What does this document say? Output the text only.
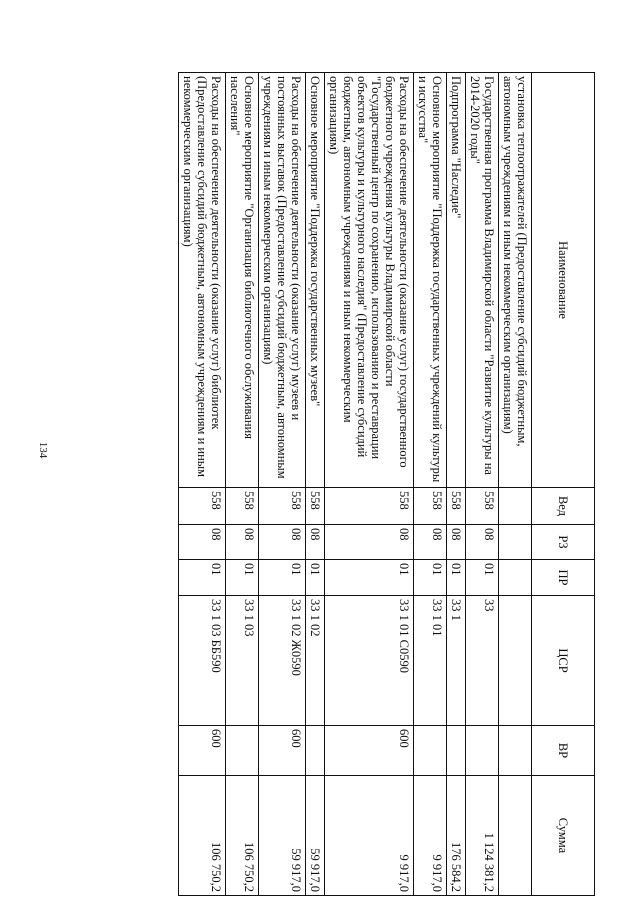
134
Наименование	Вед	РЗ	ПР	ЦСР	ВР	Сумма
установка теплоотражателей (Предоставление субсидий бюджетным, автономным учреждениям и иным некоммерческим организациям)						
Государственная программа Владимирской области "Развитие культуры на 2014-2020 годы"	558	08	01	33		1 124 381,2
Подпрограмма "Наследие"	558	08	01	33 1		176 584,2
Основное мероприятие "Поддержка государственных учреждений культуры и искусства"	558	08	01	33 1 01		9 917,0
Расходы на обеспечение деятельности (оказание услуг) государственного бюджетного учреждения культуры Владимирской области "Государственный центр по сохранению, использованию и реставрации объектов культуры и культурного наследия" (Предоставление субсидий бюджетным, автономным учреждениям и иным некоммерческим организациям)	558	08	01	33 1 01 С0590	600	9 917,0
Основное мероприятие "Поддержка государственных музеев"	558	08	01	33 1 02		59 917,0
Расходы на обеспечение деятельности (оказание услуг) музеев и постоянных выставок (Предоставление субсидий бюджетным, автономным учреждениям и иным некоммерческим организациям)	558	08	01	33 1 02 Ж0590	600	59 917,0
Основное мероприятие "Организация библиотечного обслуживания населения"	558	08	01	33 1 03		106 750,2
Расходы на обеспечение деятельности (оказание услуг) библиотек (Предоставление субсидий бюджетным, автономным учреждениям и иным некоммерческим организациям)	558	08	01	33 1 03 ББ590	600	106 750,2
